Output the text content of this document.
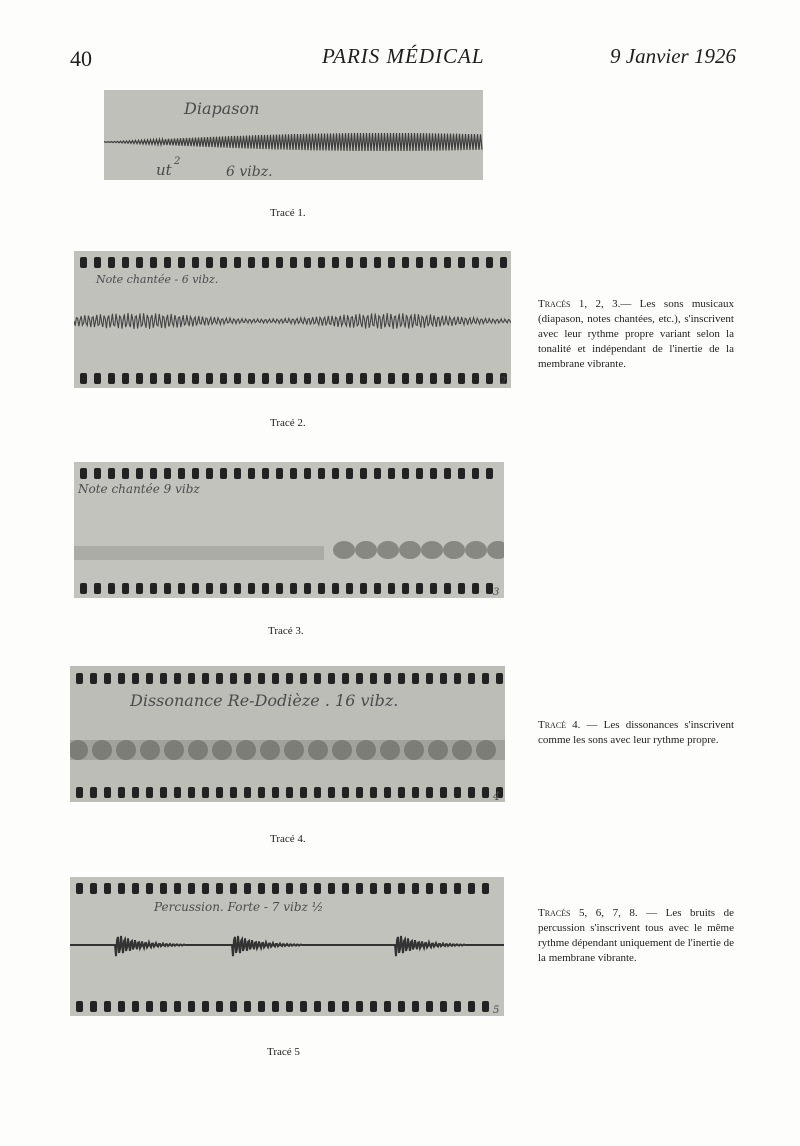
40	PARIS MÉDICAL	9 Janvier 1926
Diapason
ut 2
6 vibz.
Tracé 1.
Note chantée - 6 vibz.
2
Tracé 2.
Note chantée 9 vibz
3
Tracé 3.
Dissonance Re-Dodièze . 16 vibz.
4
Tracé 4.
Percussion. Forte - 7 vibz ½
5
Tracé 5
Tracés 1, 2, 3.— Les sons musicaux (diapason, notes chantées, etc.), s'inscrivent avec leur rythme propre variant selon la tonalité et indépendant de l'inertie de la membrane vibrante.
Tracé 4. — Les dissonances s'inscrivent comme les sons avec leur rythme propre.
Tracés 5, 6, 7, 8. — Les bruits de percussion s'inscrivent tous avec le même rythme dépendant uniquement de l'inertie de la membrane vibrante.
